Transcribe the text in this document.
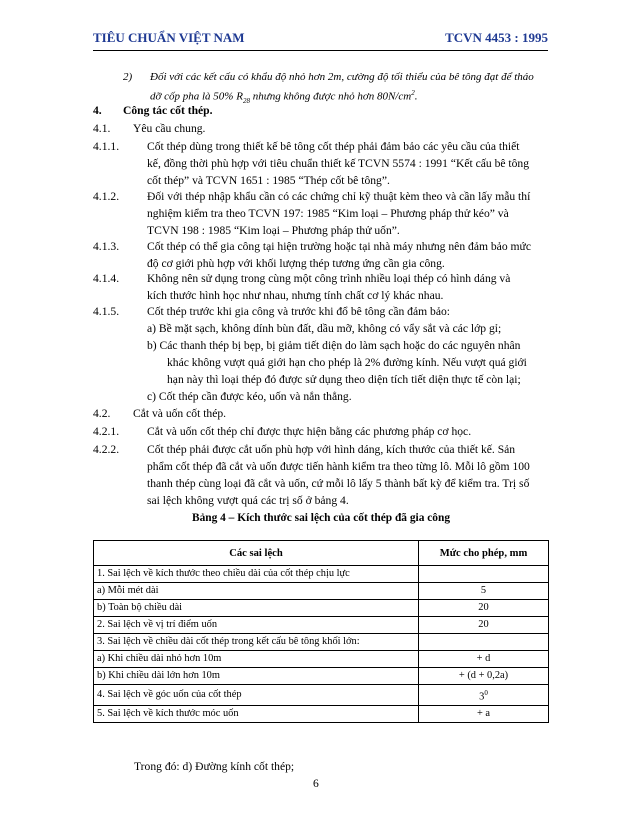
TIÊU CHUẨN VIỆT NAM	TCVN 4453 : 1995
2) Đối với các kết cấu có khẩu độ nhỏ hơn 2m, cường độ tối thiểu của bê tông đạt để tháo
dỡ cốp pha là 50% $R_{28}$ nhưng không được nhỏ hơn $80N/cm^2$.
4. Công tác cốt thép.
4.1. Yêu cầu chung.
4.1.1. Cốt thép dùng trong thiết kế bê tông cốt thép phải đảm bảo các yêu cầu của thiết
kế, đồng thời phù hợp với tiêu chuẩn thiết kế TCVN 5574 : 1991 “Kết cấu bê tông
cốt thép” và TCVN 1651 : 1985 “Thép cốt bê tông”.
4.1.2. Đối với thép nhập khẩu cần có các chứng chỉ kỹ thuật kèm theo và cần lấy mẫu thí
nghiệm kiểm tra theo TCVN 197: 1985 “Kim loại – Phương pháp thử kéo” và
TCVN 198 : 1985 “Kim loại – Phương pháp thử uốn”.
4.1.3. Cốt thép có thể gia công tại hiện trường hoặc tại nhà máy nhưng nên đảm bảo mức
độ cơ giới phù hợp với khối lượng thép tương ứng cần gia công.
4.1.4. Không nên sử dụng trong cùng một công trình nhiều loại thép có hình dáng và
kích thước hình học như nhau, nhưng tính chất cơ lý khác nhau.
4.1.5. Cốt thép trước khi gia công và trước khi đổ bê tông cần đảm bảo:
a) Bề mặt sạch, không dính bùn đất, dầu mỡ, không có vẩy sắt và các lớp gỉ;
b) Các thanh thép bị bẹp, bị giảm tiết diện do làm sạch hoặc do các nguyên nhân
khác không vượt quá giới hạn cho phép là 2% đường kính. Nếu vượt quá giới
hạn này thì loại thép đó được sử dụng theo diện tích tiết diện thực tế còn lại;
c) Cốt thép cần được kéo, uốn và nắn thẳng.
4.2. Cắt và uốn cốt thép.
4.2.1. Cắt và uốn cốt thép chỉ được thực hiện bằng các phương pháp cơ học.
4.2.2. Cốt thép phải được cắt uốn phù hợp với hình dáng, kích thước của thiết kế. Sản
phẩm cốt thép đã cắt và uốn được tiến hành kiểm tra theo từng lô. Mỗi lô gồm 100
thanh thép cùng loại đã cắt và uốn, cứ mỗi lô lấy 5 thành bất kỳ để kiểm tra. Trị số
sai lệch không vượt quá các trị số ở bảng 4.
Bảng 4 – Kích thước sai lệch của cốt thép đã gia công
Các sai lệch	Mức cho phép, mm
1. Sai lệch về kích thước theo chiều dài của cốt thép chịu lực	
a) Mỗi mét dài	5
b) Toàn bộ chiều dài	20
2. Sai lệch về vị trí điểm uốn	20
3. Sai lệch về chiều dài cốt thép trong kết cấu bê tông khối lớn:	
a) Khi chiều dài nhỏ hơn 10m	+ d
b) Khi chiều dài lớn hơn 10m	+ (d + 0,2a)
4. Sai lệch về góc uốn của cốt thép	$3^0$
5. Sai lệch về kích thước móc uốn	+ a
Trong đó: d) Đường kính cốt thép;
6
